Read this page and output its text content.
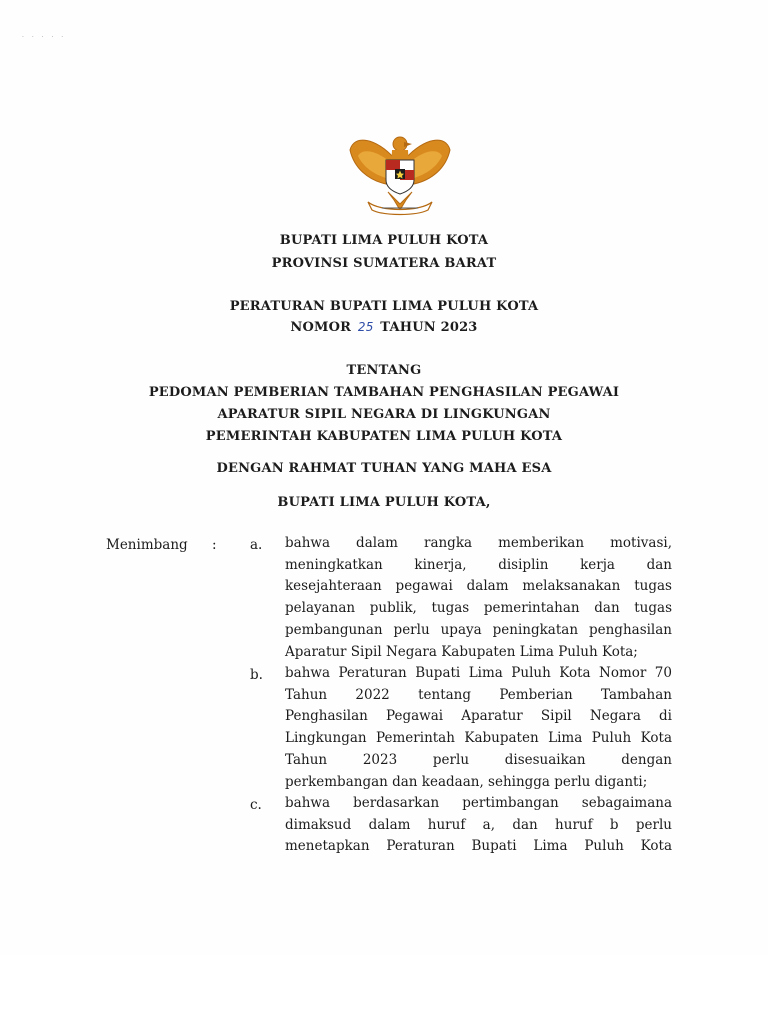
· · · · ·
BUPATI LIMA PULUH KOTA
PROVINSI SUMATERA BARAT
PERATURAN BUPATI LIMA PULUH KOTA
NOMOR 25 TAHUN 2023
TENTANG
PEDOMAN PEMBERIAN TAMBAHAN PENGHASILAN PEGAWAI
APARATUR SIPIL NEGARA DI LINGKUNGAN
PEMERINTAH KABUPATEN LIMA PULUH KOTA
DENGAN RAHMAT TUHAN YANG MAHA ESA
BUPATI LIMA PULUH KOTA,
Menimbang : a. bahwa dalam rangka memberikan motivasi,
meningkatkan kinerja, disiplin kerja dan
kesejahteraan pegawai dalam melaksanakan tugas
pelayanan publik, tugas pemerintahan dan tugas
pembangunan perlu upaya peningkatan penghasilan
Aparatur Sipil Negara Kabupaten Lima Puluh Kota;
b. bahwa Peraturan Bupati Lima Puluh Kota Nomor 70
Tahun 2022 tentang Pemberian Tambahan
Penghasilan Pegawai Aparatur Sipil Negara di
Lingkungan Pemerintah Kabupaten Lima Puluh Kota
Tahun 2023 perlu disesuaikan dengan
perkembangan dan keadaan, sehingga perlu diganti;
c. bahwa berdasarkan pertimbangan sebagaimana
dimaksud dalam huruf a, dan huruf b perlu
menetapkan Peraturan Bupati Lima Puluh Kota
